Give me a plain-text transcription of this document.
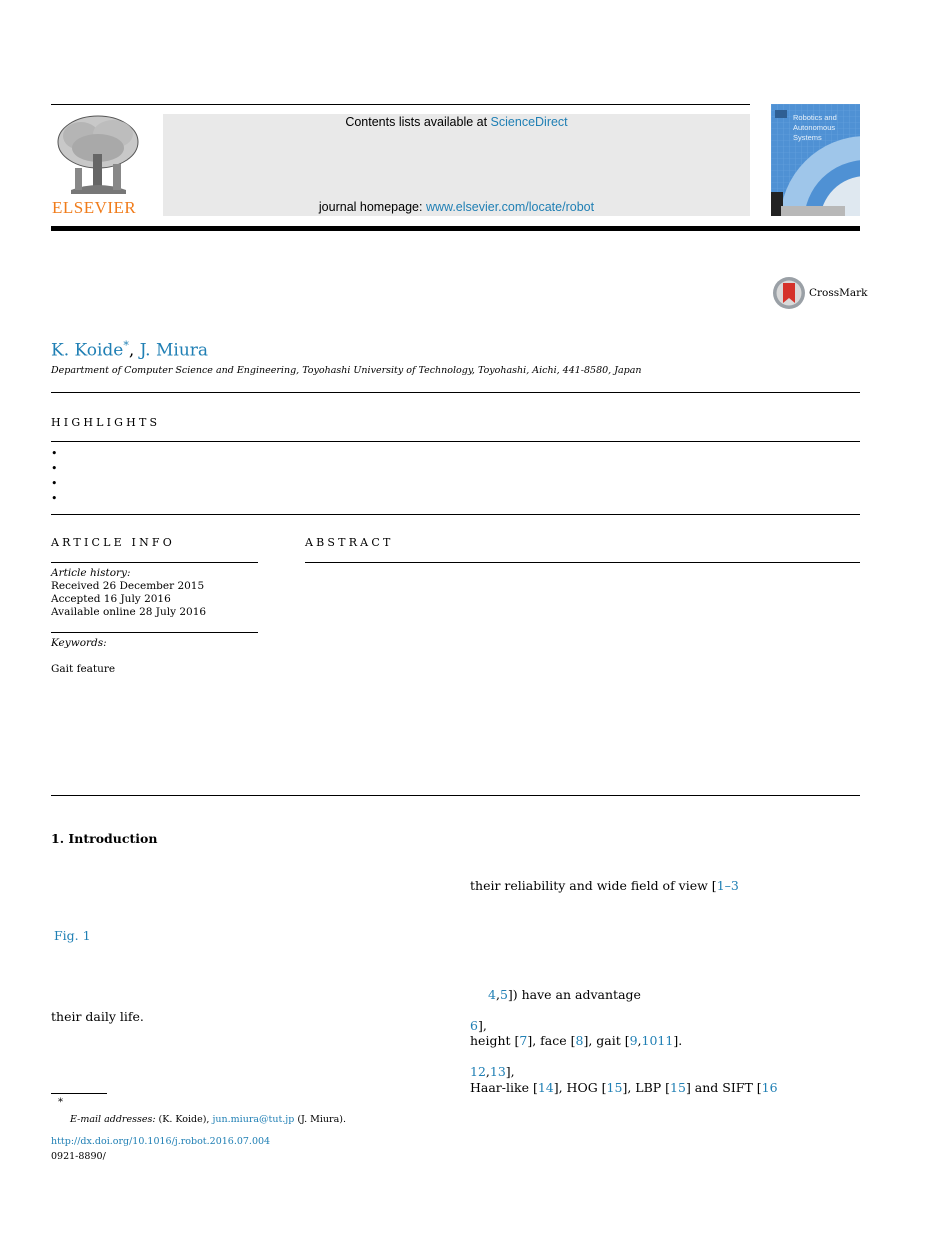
ELSEVIER
Contents lists available at ScienceDirect
journal homepage: www.elsevier.com/locate/robot
Robotics and
Autonomous Systems
CrossMark
K. Koide*, J. Miura
Department of Computer Science and Engineering, Toyohashi University of Technology, Toyohashi, Aichi, 441-8580, Japan
HIGHLIGHTS
•
•
•
•
ARTICLE INFO
Article history:
Received 26 December 2015
Accepted 16 July 2016
Available online 28 July 2016
Keywords:
Gait feature
ABSTRACT
1. Introduction
Fig. 1
their daily life.
their reliability and wide field of view [1–3
4,5]) have an advantage
6],
height [7], face [8], gait [9,1011].
12,13],
Haar-like [14], HOG [15], LBP [15] and SIFT [16
*
E-mail addresses: (K. Koide), jun.miura@tut.jp (J. Miura).
http://dx.doi.org/10.1016/j.robot.2016.07.004
0921-8890/
